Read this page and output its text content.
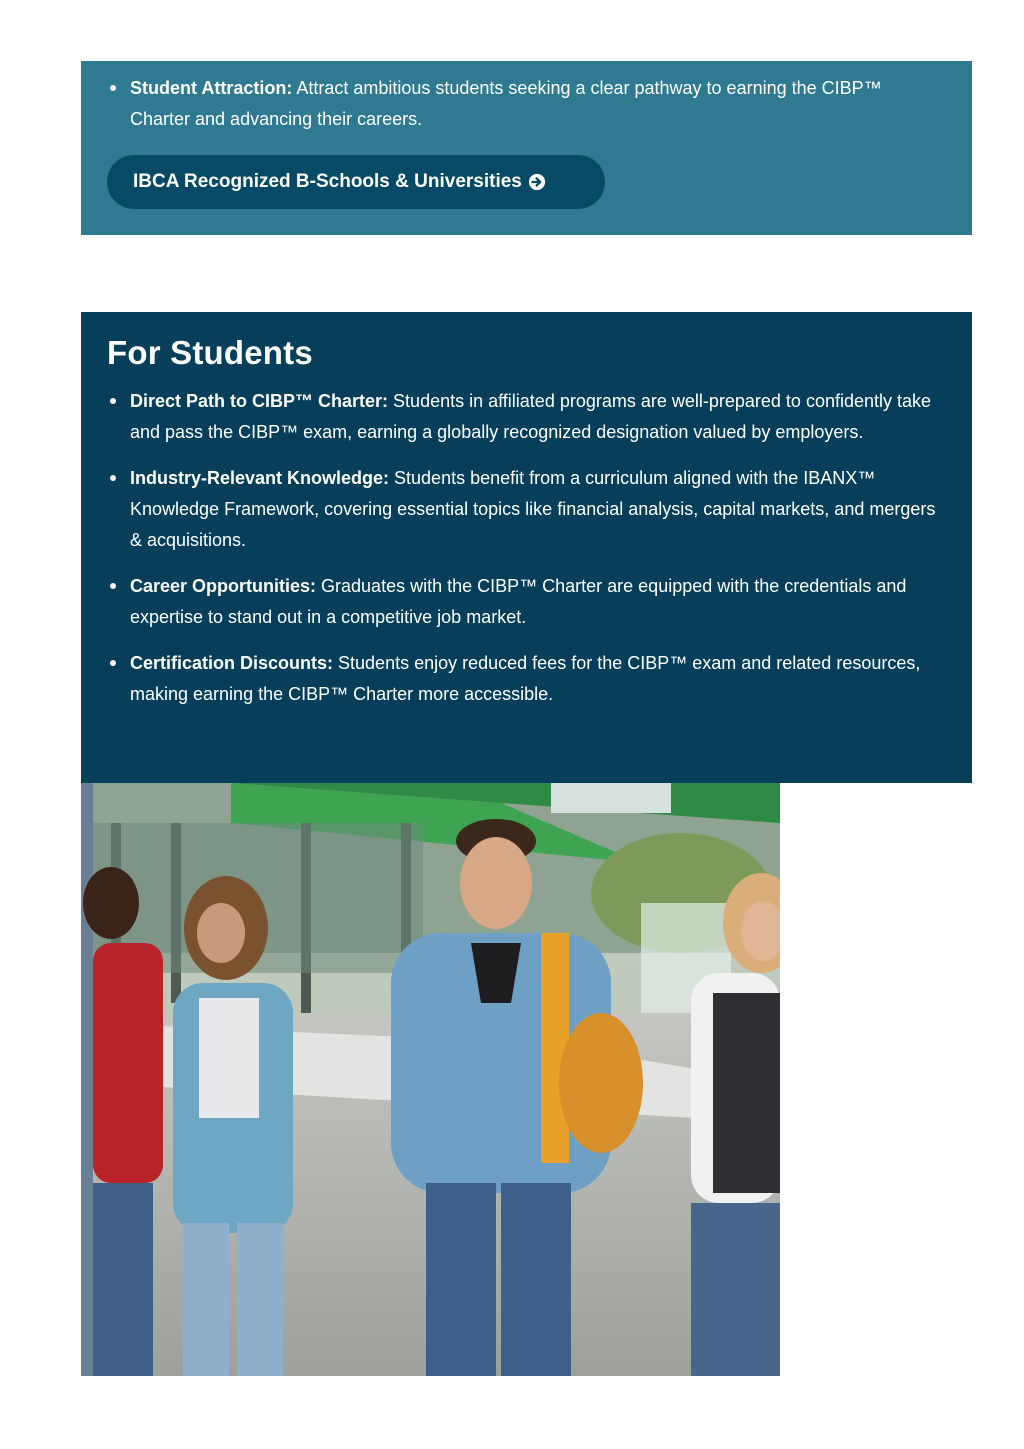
Student Attraction: Attract ambitious students seeking a clear pathway to earning the CIBP™ Charter and advancing their careers.
IBCA Recognized B-Schools & Universities
For Students
Direct Path to CIBP™ Charter: Students in affiliated programs are well-prepared to confidently take and pass the CIBP™ exam, earning a globally recognized designation valued by employers.
Industry-Relevant Knowledge: Students benefit from a curriculum aligned with the IBANX™ Knowledge Framework, covering essential topics like financial analysis, capital markets, and mergers & acquisitions.
Career Opportunities: Graduates with the CIBP™ Charter are equipped with the credentials and expertise to stand out in a competitive job market.
Certification Discounts: Students enjoy reduced fees for the CIBP™ exam and related resources, making earning the CIBP™ Charter more accessible.
